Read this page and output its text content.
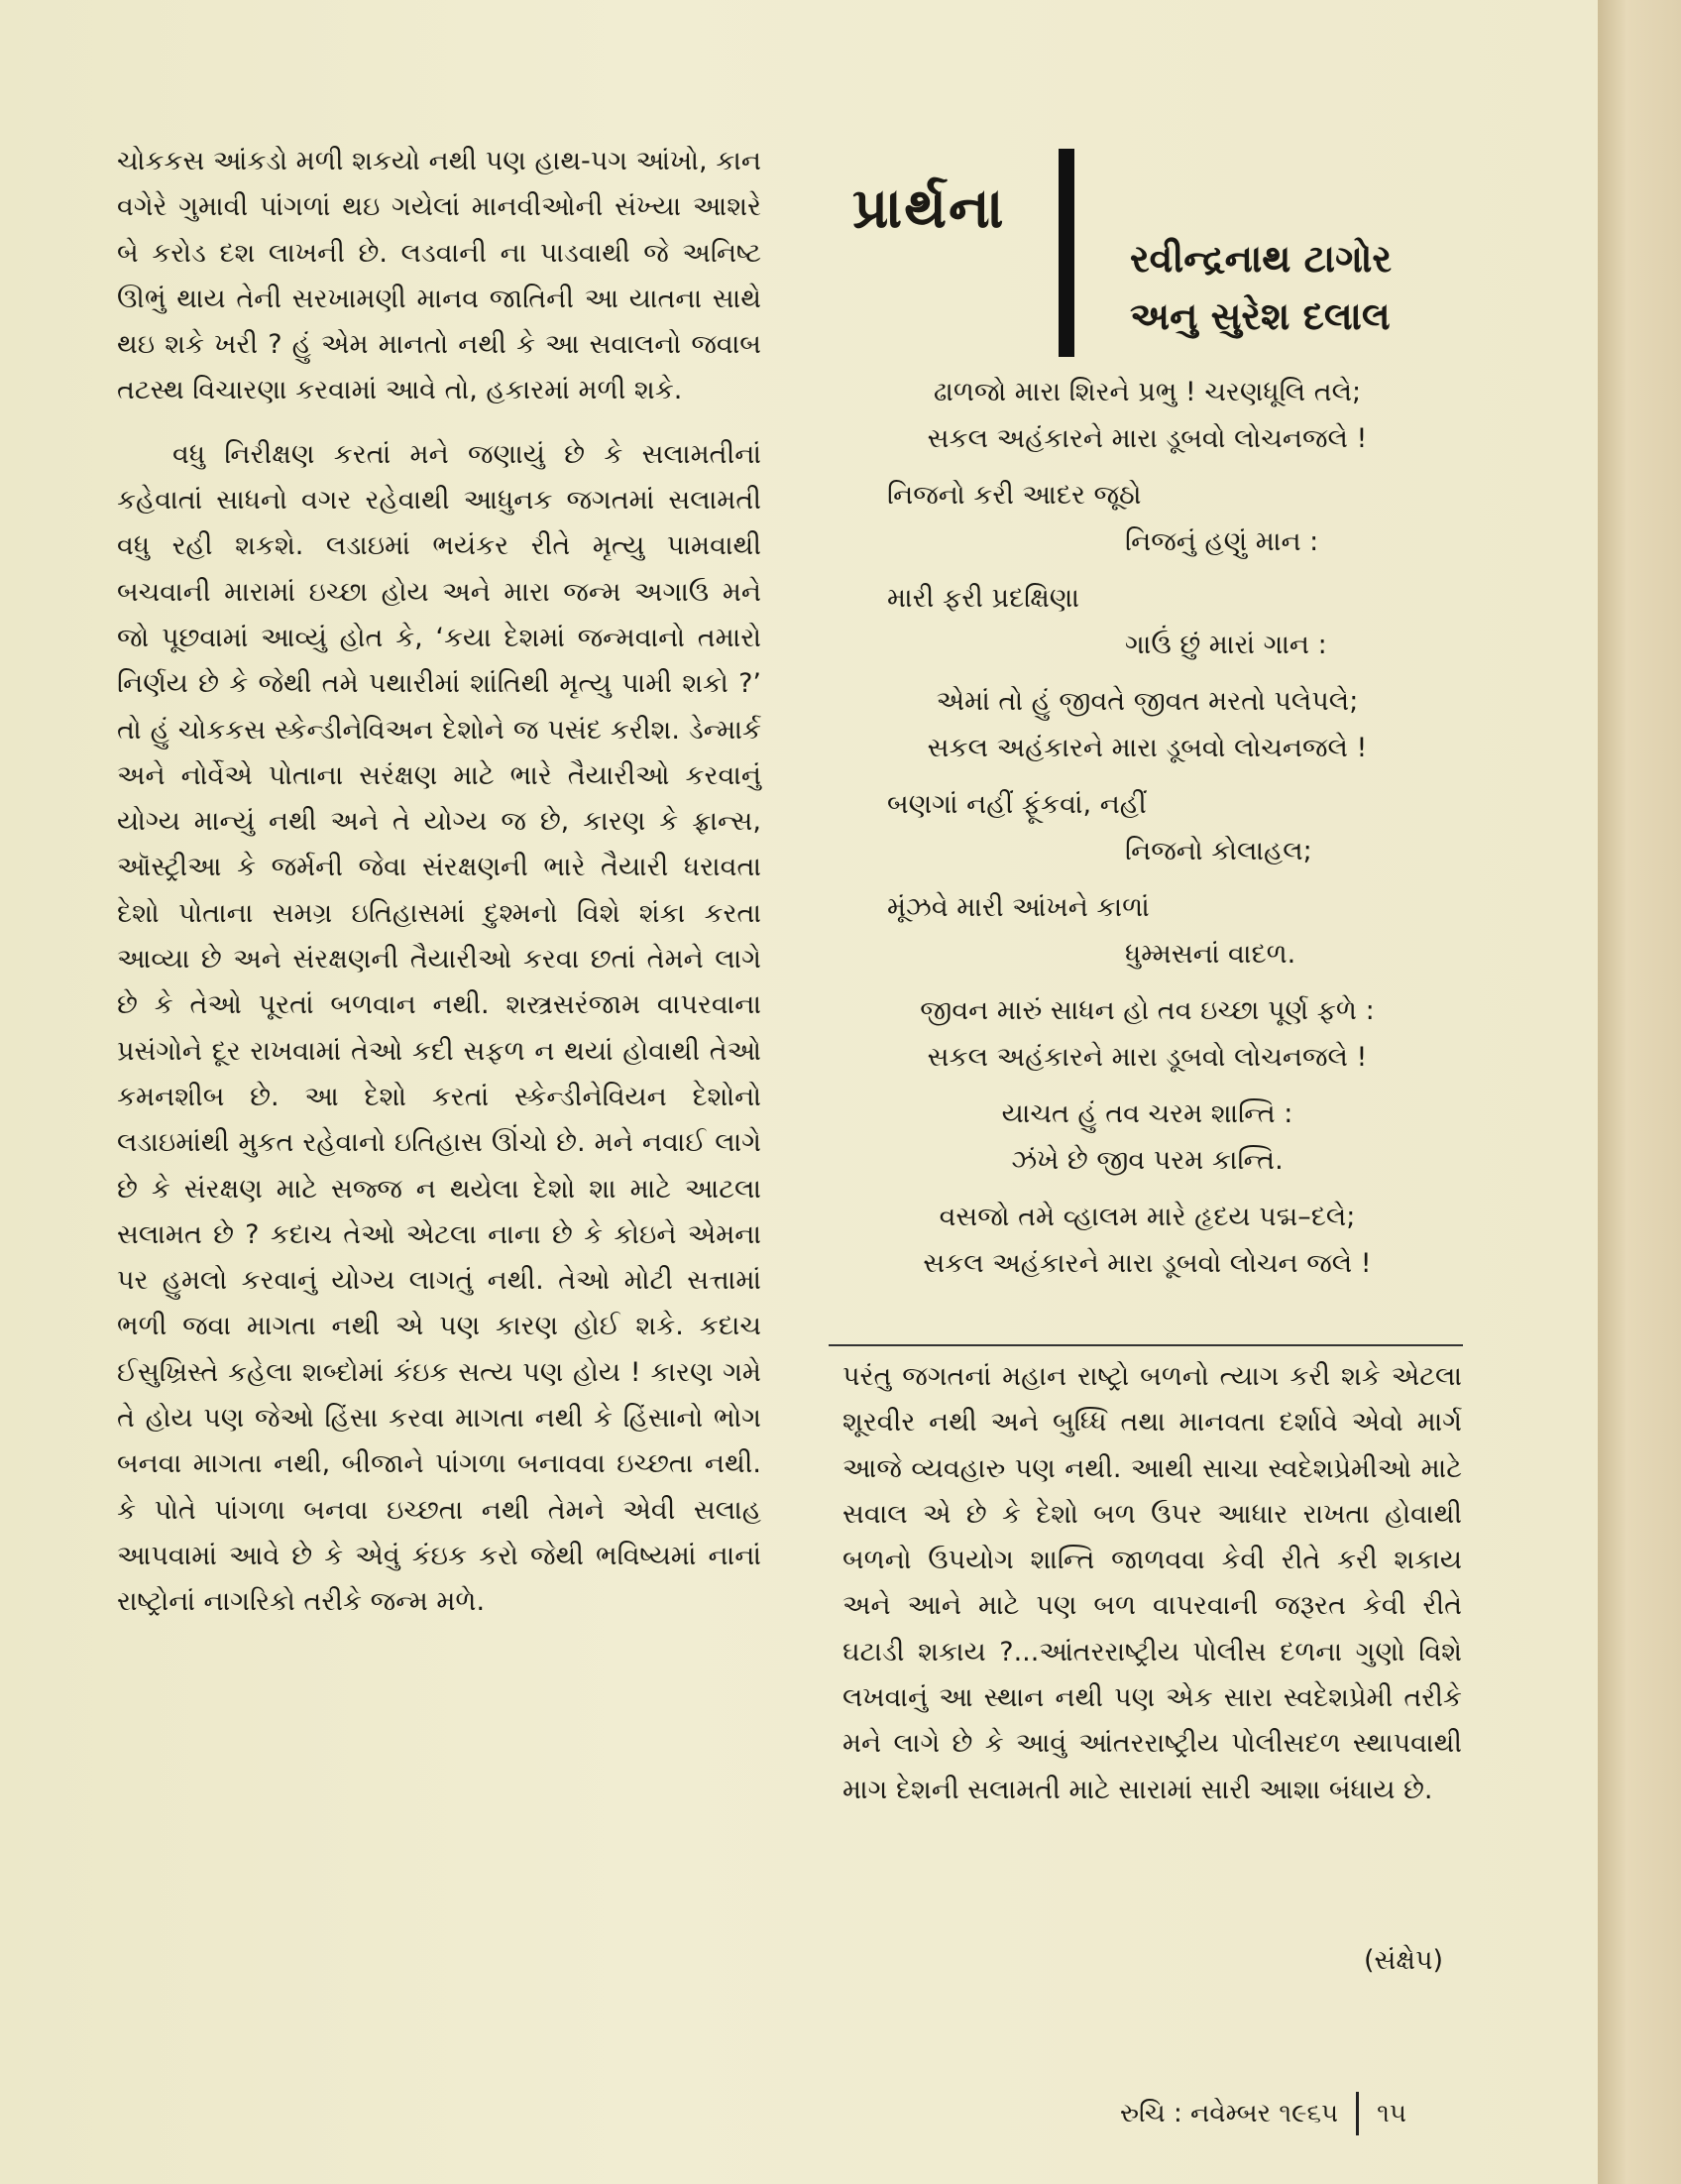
ચોકકસ આંકડો મળી શકયો નથી પણ હાથ-પગ આંખો, કાન વગેરે ગુમાવી પાંગળાં થઇ ગયેલાં માનવીઓની સંખ્યા આશરે બે કરોડ દશ લાખની છે. લડવાની ના પાડવાથી જે અનિષ્ટ ઊભું થાય તેની સરખામણી માનવ જાતિની આ યાતના સાથે થઇ શકે ખરી ? હું એમ માનતો નથી કે આ સવાલનો જવાબ તટસ્થ વિચારણા કરવામાં આવે તો, હકારમાં મળી શકે.

વધુ નિરીક્ષણ કરતાં મને જણાયું છે કે સલામતીનાં કહેવાતાં સાધનો વગર રહેવાથી આધુનક જગતમાં સલામતી વધુ રહી શકશે. લડાઇમાં ભયંકર રીતે મૃત્યુ પામવાથી બચવાની મારામાં ઇચ્છા હોય અને મારા જન્મ અગાઉ મને જો પૂછવામાં આવ્યું હોત કે, ‘કયા દેશમાં જન્મવાનો તમારો નિર્ણય છે કે જેથી તમે પથારીમાં શાંતિથી મૃત્યુ પામી શકો ?’ તો હું ચોકકસ સ્કેન્ડીનેવિઅન દેશોને જ પસંદ કરીશ. ડેન્માર્ક અને નોર્વેએ પોતાના સરંક્ષણ માટે ભારે તૈયારીઓ કરવાનું યોગ્ય માન્યું નથી અને તે યોગ્ય જ છે, કારણ કે ફ્રાન્સ, ઑસ્ટ્રીઆ કે જર્મની જેવા સંરક્ષણની ભારે તૈયારી ધરાવતા દેશો પોતાના સમગ્ર ઇતિહાસમાં દુશ્મનો વિશે શંકા કરતા આવ્યા છે અને સંરક્ષણની તૈયારીઓ કરવા છતાં તેમને લાગે છે કે તેઓ પૂરતાં બળવાન નથી. શસ્ત્રસરંજામ વાપરવાના પ્રસંગોને દૂર રાખવામાં તેઓ કદી સફળ ન થયાં હોવાથી તેઓ કમનશીબ છે. આ દેશો કરતાં સ્કેન્ડીનેવિયન દેશોનો લડાઇમાંથી મુકત રહેવાનો ઇતિહાસ ઊંચો છે. મને નવાઈ લાગે છે કે સંરક્ષણ માટે સજ્જ ન થયેલા દેશો શા માટે આટલા સલામત છે ? કદાચ તેઓ એટલા નાના છે કે કોઇને એમના પર હુમલો કરવાનું યોગ્ય લાગતું નથી. તેઓ મોટી સત્તામાં ભળી જવા માગતા નથી એ પણ કારણ હોઈ શકે. કદાચ ઈસુખ્રિસ્તે કહેલા શબ્દોમાં કંઇક સત્ય પણ હોય ! કારણ ગમે તે હોય પણ જેઓ હિંસા કરવા માગતા નથી કે હિંસાનો ભોગ બનવા માગતા નથી, બીજાને પાંગળા બનાવવા ઇચ્છતા નથી. કે પોતે પાંગળા બનવા ઇચ્છતા નથી તેમને એવી સલાહ આપવામાં આવે છે કે એવું કંઇક કરો જેથી ભવિષ્યમાં નાનાં રાષ્ટ્રોનાં નાગરિકો તરીકે જન્મ મળે.

પ્રાર્થના
રવીન્દ્રનાથ ટાગોર
અનુ સુરેશ દલાલ

ઢાળજો મારા શિરને પ્રભુ ! ચરણધૂલિ તલે;

સકલ અહંકારને મારા ડૂબવો લોચનજલે !

નિજનો કરી આદર જૂઠો

નિજનું હણું માન :

મારી ફરી પ્રદક્ષિણા

ગાઉં છું મારાં ગાન :

એમાં તો હું જીવતે જીવત મરતો પલેપલે;

સકલ અહંકારને મારા ડૂબવો લોચનજલે !

બણગાં નહીં ફૂંકવાં, નહીં

નિજનો કોલાહલ;

મૂંઝવે મારી આંખને કાળાં

ધુમ્મસનાં વાદળ.

જીવન મારું સાધન હો તવ ઇચ્છા પૂર્ણ ફળે :

સકલ અહંકારને મારા ડૂબવો લોચનજલે !

યાચત હું તવ ચરમ શાન્તિ :

ઝંખે છે જીવ પરમ કાન્તિ.

વસજો તમે વ્હાલમ મારે હૃદય પદ્મ–દલે;

સકલ અહંકારને મારા ડૂબવો લોચન જલે !

પરંતુ જગતનાં મહાન રાષ્ટ્રો બળનો ત્યાગ કરી શકે એટલા શૂરવીર નથી અને બુધ્ધિ તથા માનવતા દર્શાવે એવો માર્ગ આજે વ્યવહારુ પણ નથી. આથી સાચા સ્વદેશપ્રેમીઓ માટે સવાલ એ છે કે દેશો બળ ઉપર આધાર રાખતા હોવાથી બળનો ઉપયોગ શાન્તિ જાળવવા કેવી રીતે કરી શકાય અને આને માટે પણ બળ વાપરવાની જરૂરત કેવી રીતે ઘટાડી શકાય ?...આંતરરાષ્ટ્રીય પોલીસ દળના ગુણો વિશે લખવાનું આ સ્થાન નથી પણ એક સારા સ્વદેશપ્રેમી તરીકે મને લાગે છે કે આવું આંતરરાષ્ટ્રીય પોલીસદળ સ્થાપવાથી માગ દેશની સલામતી માટે સારામાં સારી આશા બંધાય છે.

(સંક્ષેપ)

રુચિ : નવેમ્બર ૧૯૬૫ ૧૫
